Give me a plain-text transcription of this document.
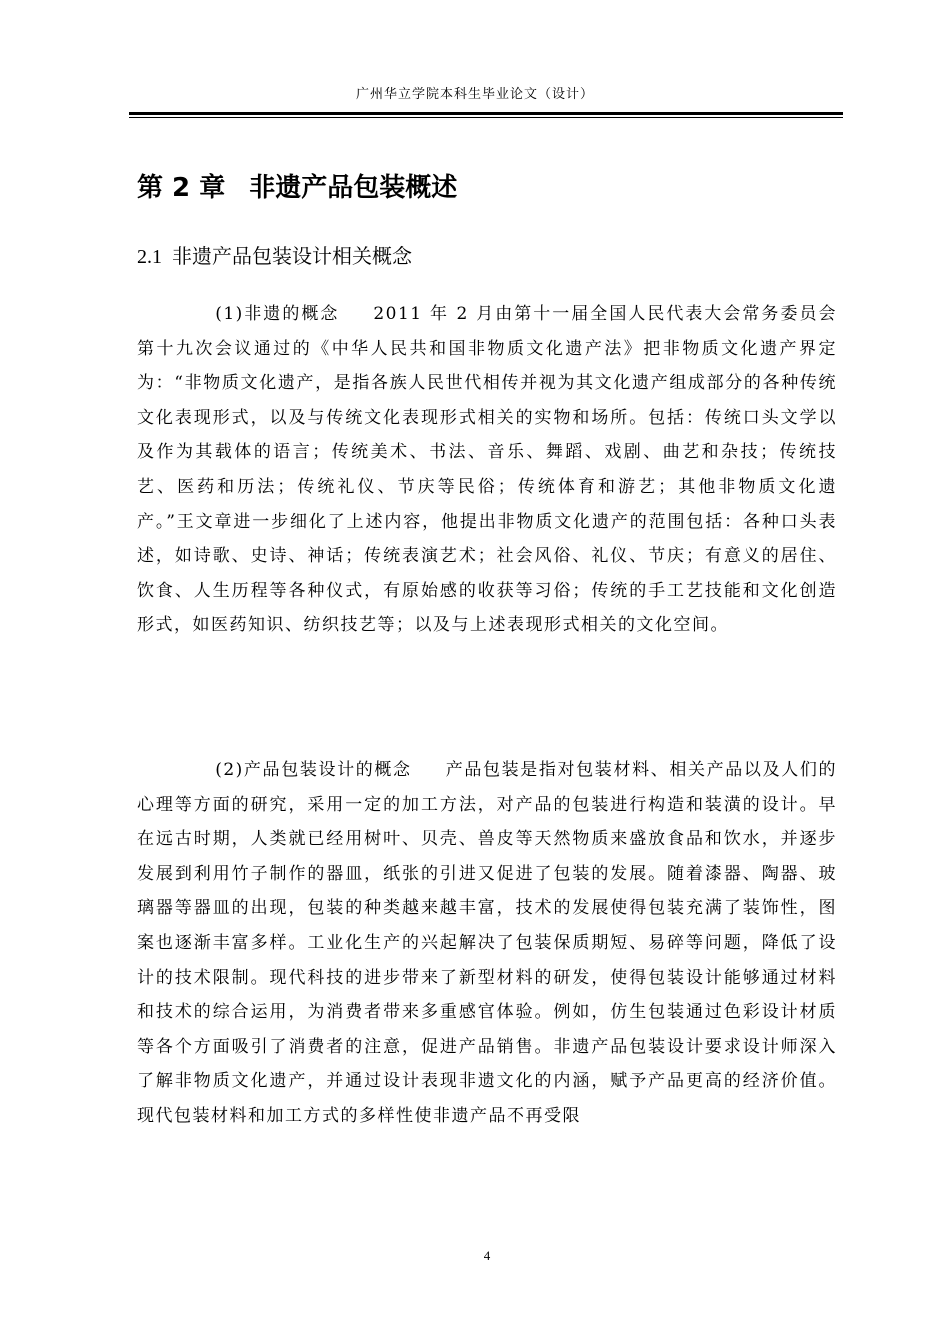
广州华立学院本科生毕业论文（设计）
第 2 章 非遗产品包装概述
2.1 非遗产品包装设计相关概念

(1)非遗的概念 2011 年 2 月由第十一届全国人民代表大会常务委员会第十九次会议通过的《中华人民共和国非物质文化遗产法》把非物质文化遗产界定为：“非物质文化遗产，是指各族人民世代相传并视为其文化遗产组成部分的各种传统文化表现形式，以及与传统文化表现形式相关的实物和场所。包括：传统口头文学以及作为其载体的语言；传统美术、书法、音乐、舞蹈、戏剧、曲艺和杂技；传统技艺、医药和历法；传统礼仪、节庆等民俗；传统体育和游艺；其他非物质文化遗产。”王文章进一步细化了上述内容，他提出非物质文化遗产的范围包括：各种口头表述，如诗歌、史诗、神话；传统表演艺术；社会风俗、礼仪、节庆；有意义的居住、饮食、人生历程等各种仪式，有原始感的收获等习俗；传统的手工艺技能和文化创造形式，如医药知识、纺织技艺等；以及与上述表现形式相关的文化空间。

(2)产品包装设计的概念 产品包装是指对包装材料、相关产品以及人们的心理等方面的研究，采用一定的加工方法，对产品的包装进行构造和装潢的设计。早在远古时期，人类就已经用树叶、贝壳、兽皮等天然物质来盛放食品和饮水，并逐步发展到利用竹子制作的器皿，纸张的引进又促进了包装的发展。随着漆器、陶器、玻璃器等器皿的出现，包装的种类越来越丰富，技术的发展使得包装充满了装饰性，图案也逐渐丰富多样。工业化生产的兴起解决了包装保质期短、易碎等问题，降低了设计的技术限制。现代科技的进步带来了新型材料的研发，使得包装设计能够通过材料和技术的综合运用，为消费者带来多重感官体验。例如，仿生包装通过色彩设计材质等各个方面吸引了消费者的注意，促进产品销售。非遗产品包装设计要求设计师深入了解非物质文化遗产，并通过设计表现非遗文化的内涵，赋予产品更高的经济价值。现代包装材料和加工方式的多样性使非遗产品不再受限

4
